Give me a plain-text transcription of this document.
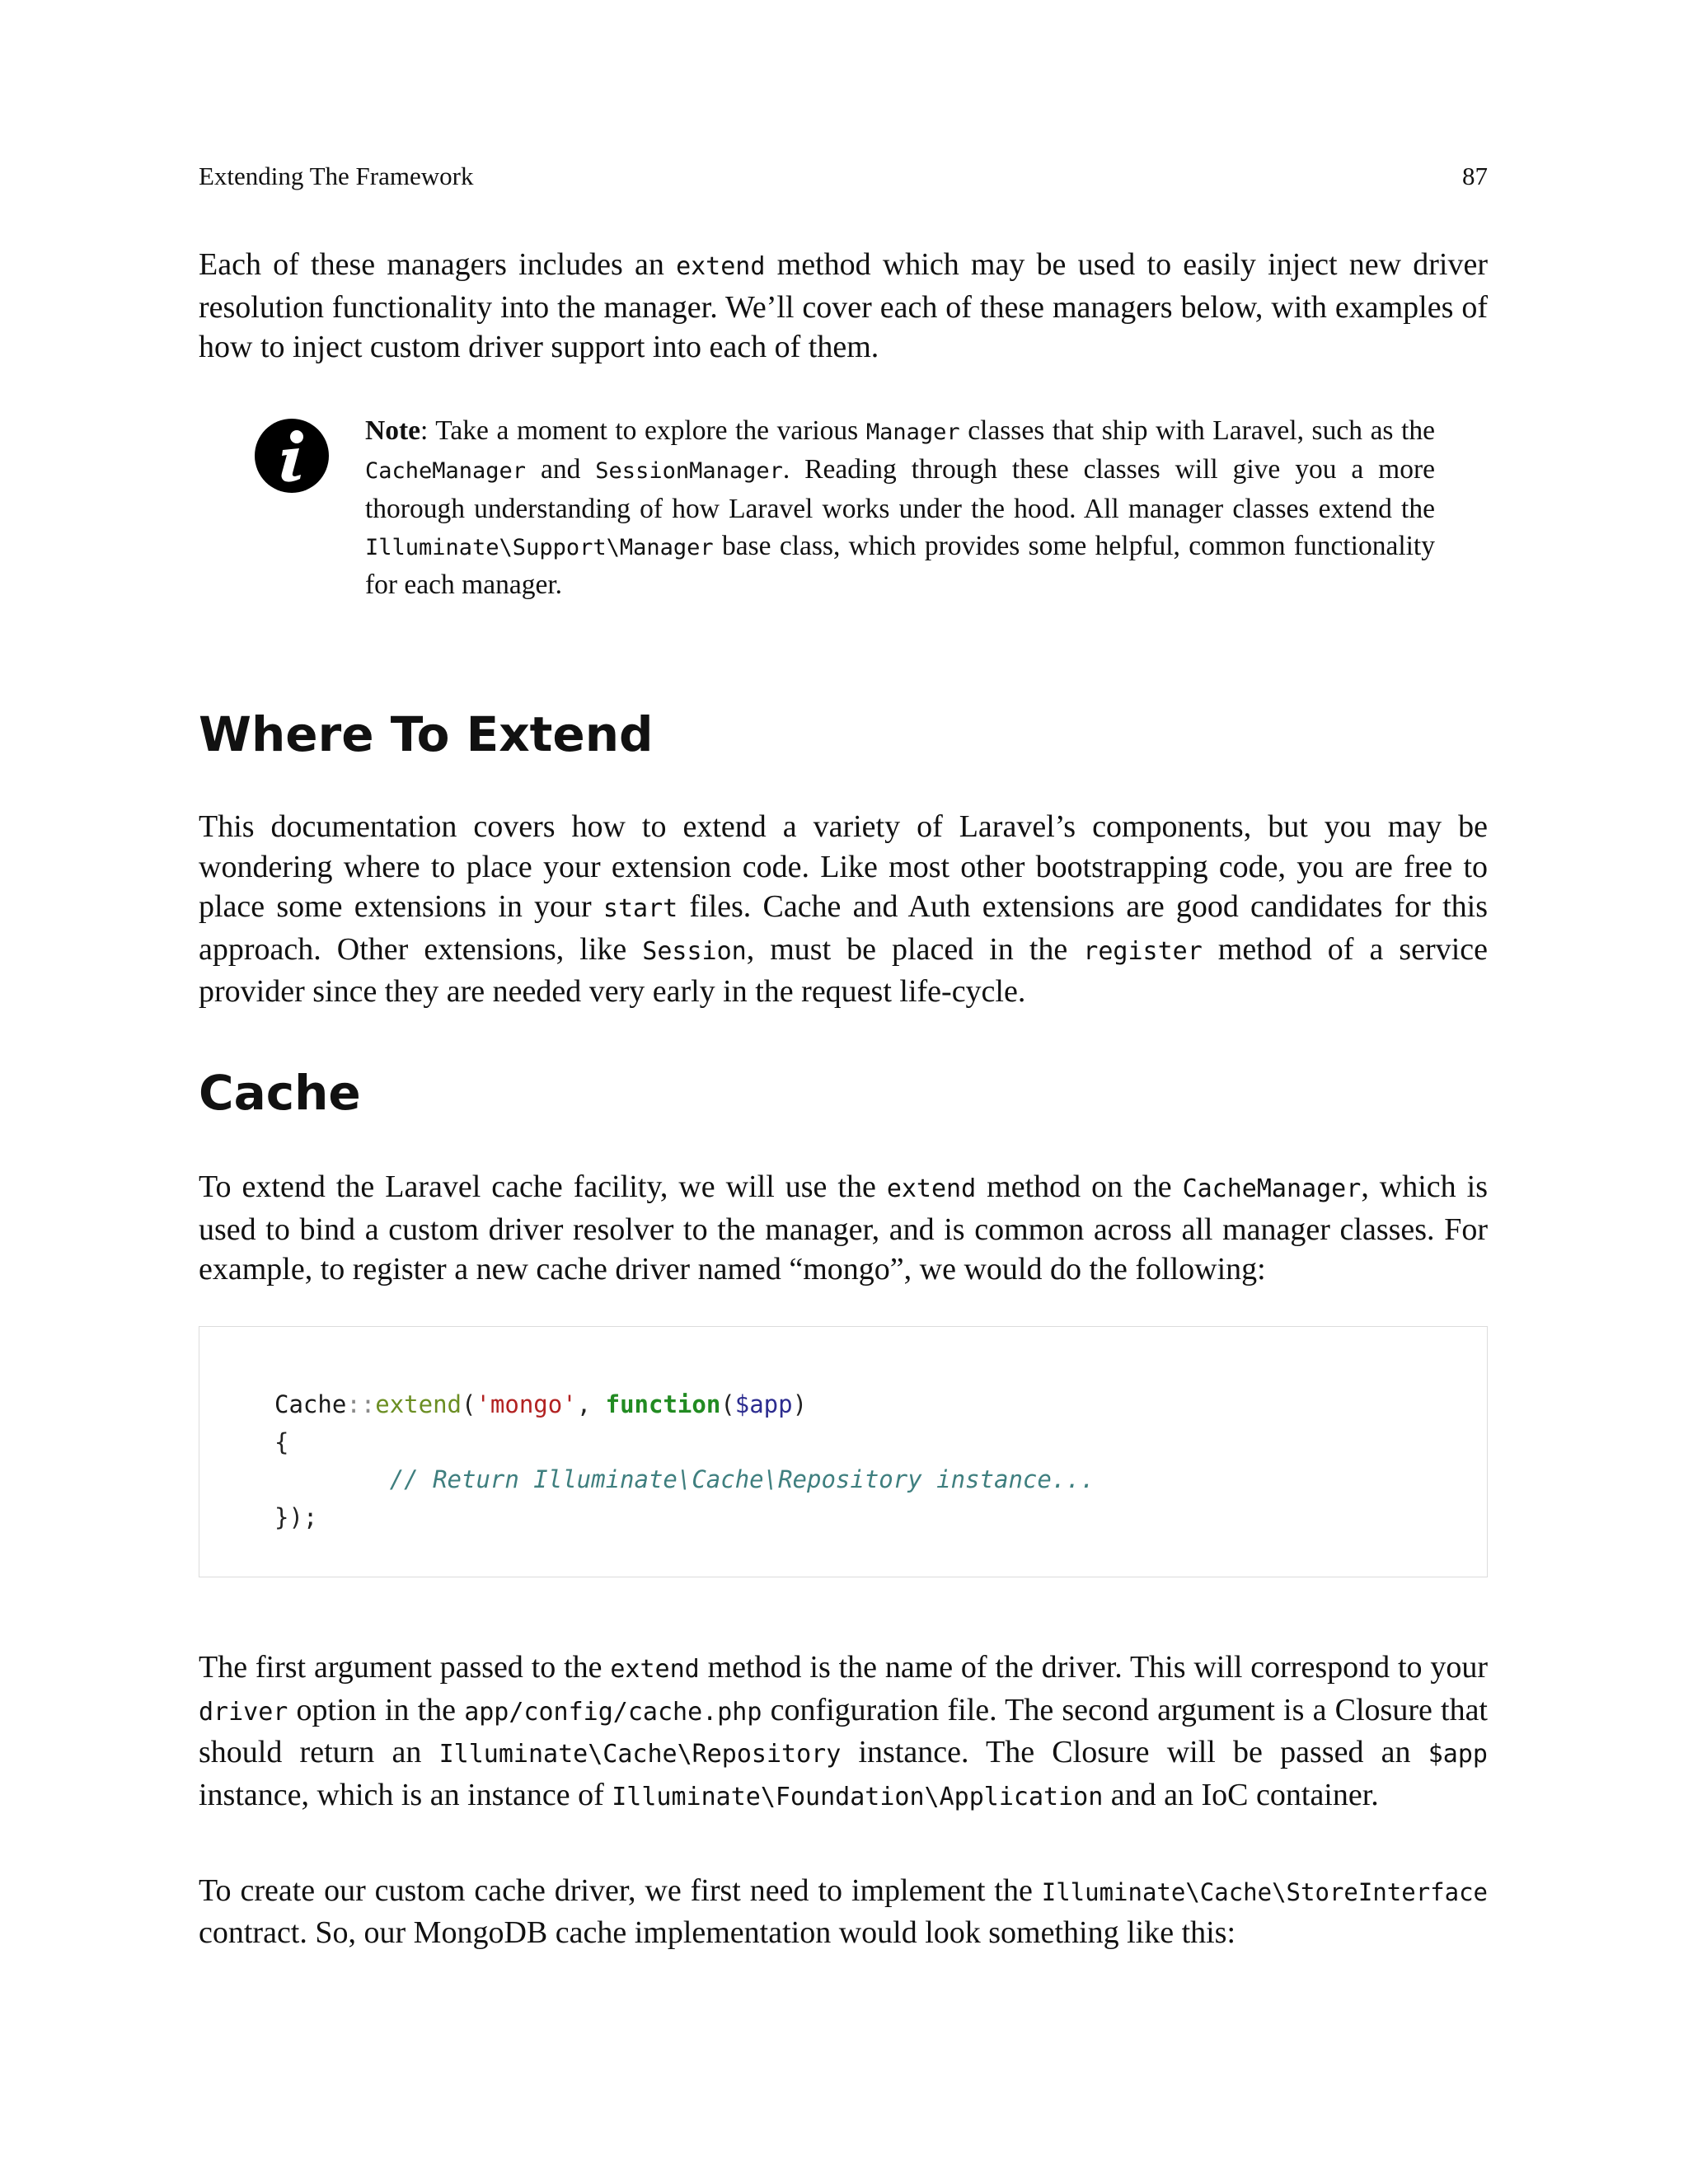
Extending The Framework	87

Each of these managers includes an extend method which may be used to easily inject new driver resolution functionality into the manager. We’ll cover each of these managers below, with examples of how to inject custom driver support into each of them.

Note: Take a moment to explore the various Manager classes that ship with Laravel, such as the CacheManager and SessionManager. Reading through these classes will give you a more thorough understanding of how Laravel works under the hood. All manager classes extend the Illuminate\Support\Manager base class, which provides some helpful, common functionality for each manager.
Where To Extend

This documentation covers how to extend a variety of Laravel’s components, but you may be wondering where to place your extension code. Like most other bootstrapping code, you are free to place some extensions in your start files. Cache and Auth extensions are good candidates for this approach. Other extensions, like Session, must be placed in the register method of a service provider since they are needed very early in the request life-cycle.

Cache

To extend the Laravel cache facility, we will use the extend method on the CacheManager, which is used to bind a custom driver resolver to the manager, and is common across all manager classes. For example, to register a new cache driver named “mongo”, we would do the following:

Cache::extend('mongo', function($app)
{
// Return Illuminate\Cache\Repository instance...
});

The first argument passed to the extend method is the name of the driver. This will correspond to your driver option in the app/config/cache.php configuration file. The second argument is a Closure that should return an Illuminate\Cache\Repository instance. The Closure will be passed an $app instance, which is an instance of Illuminate\Foundation\Application and an IoC container.

To create our custom cache driver, we first need to implement the Illuminate\Cache\StoreInterface contract. So, our MongoDB cache implementation would look something like this:
